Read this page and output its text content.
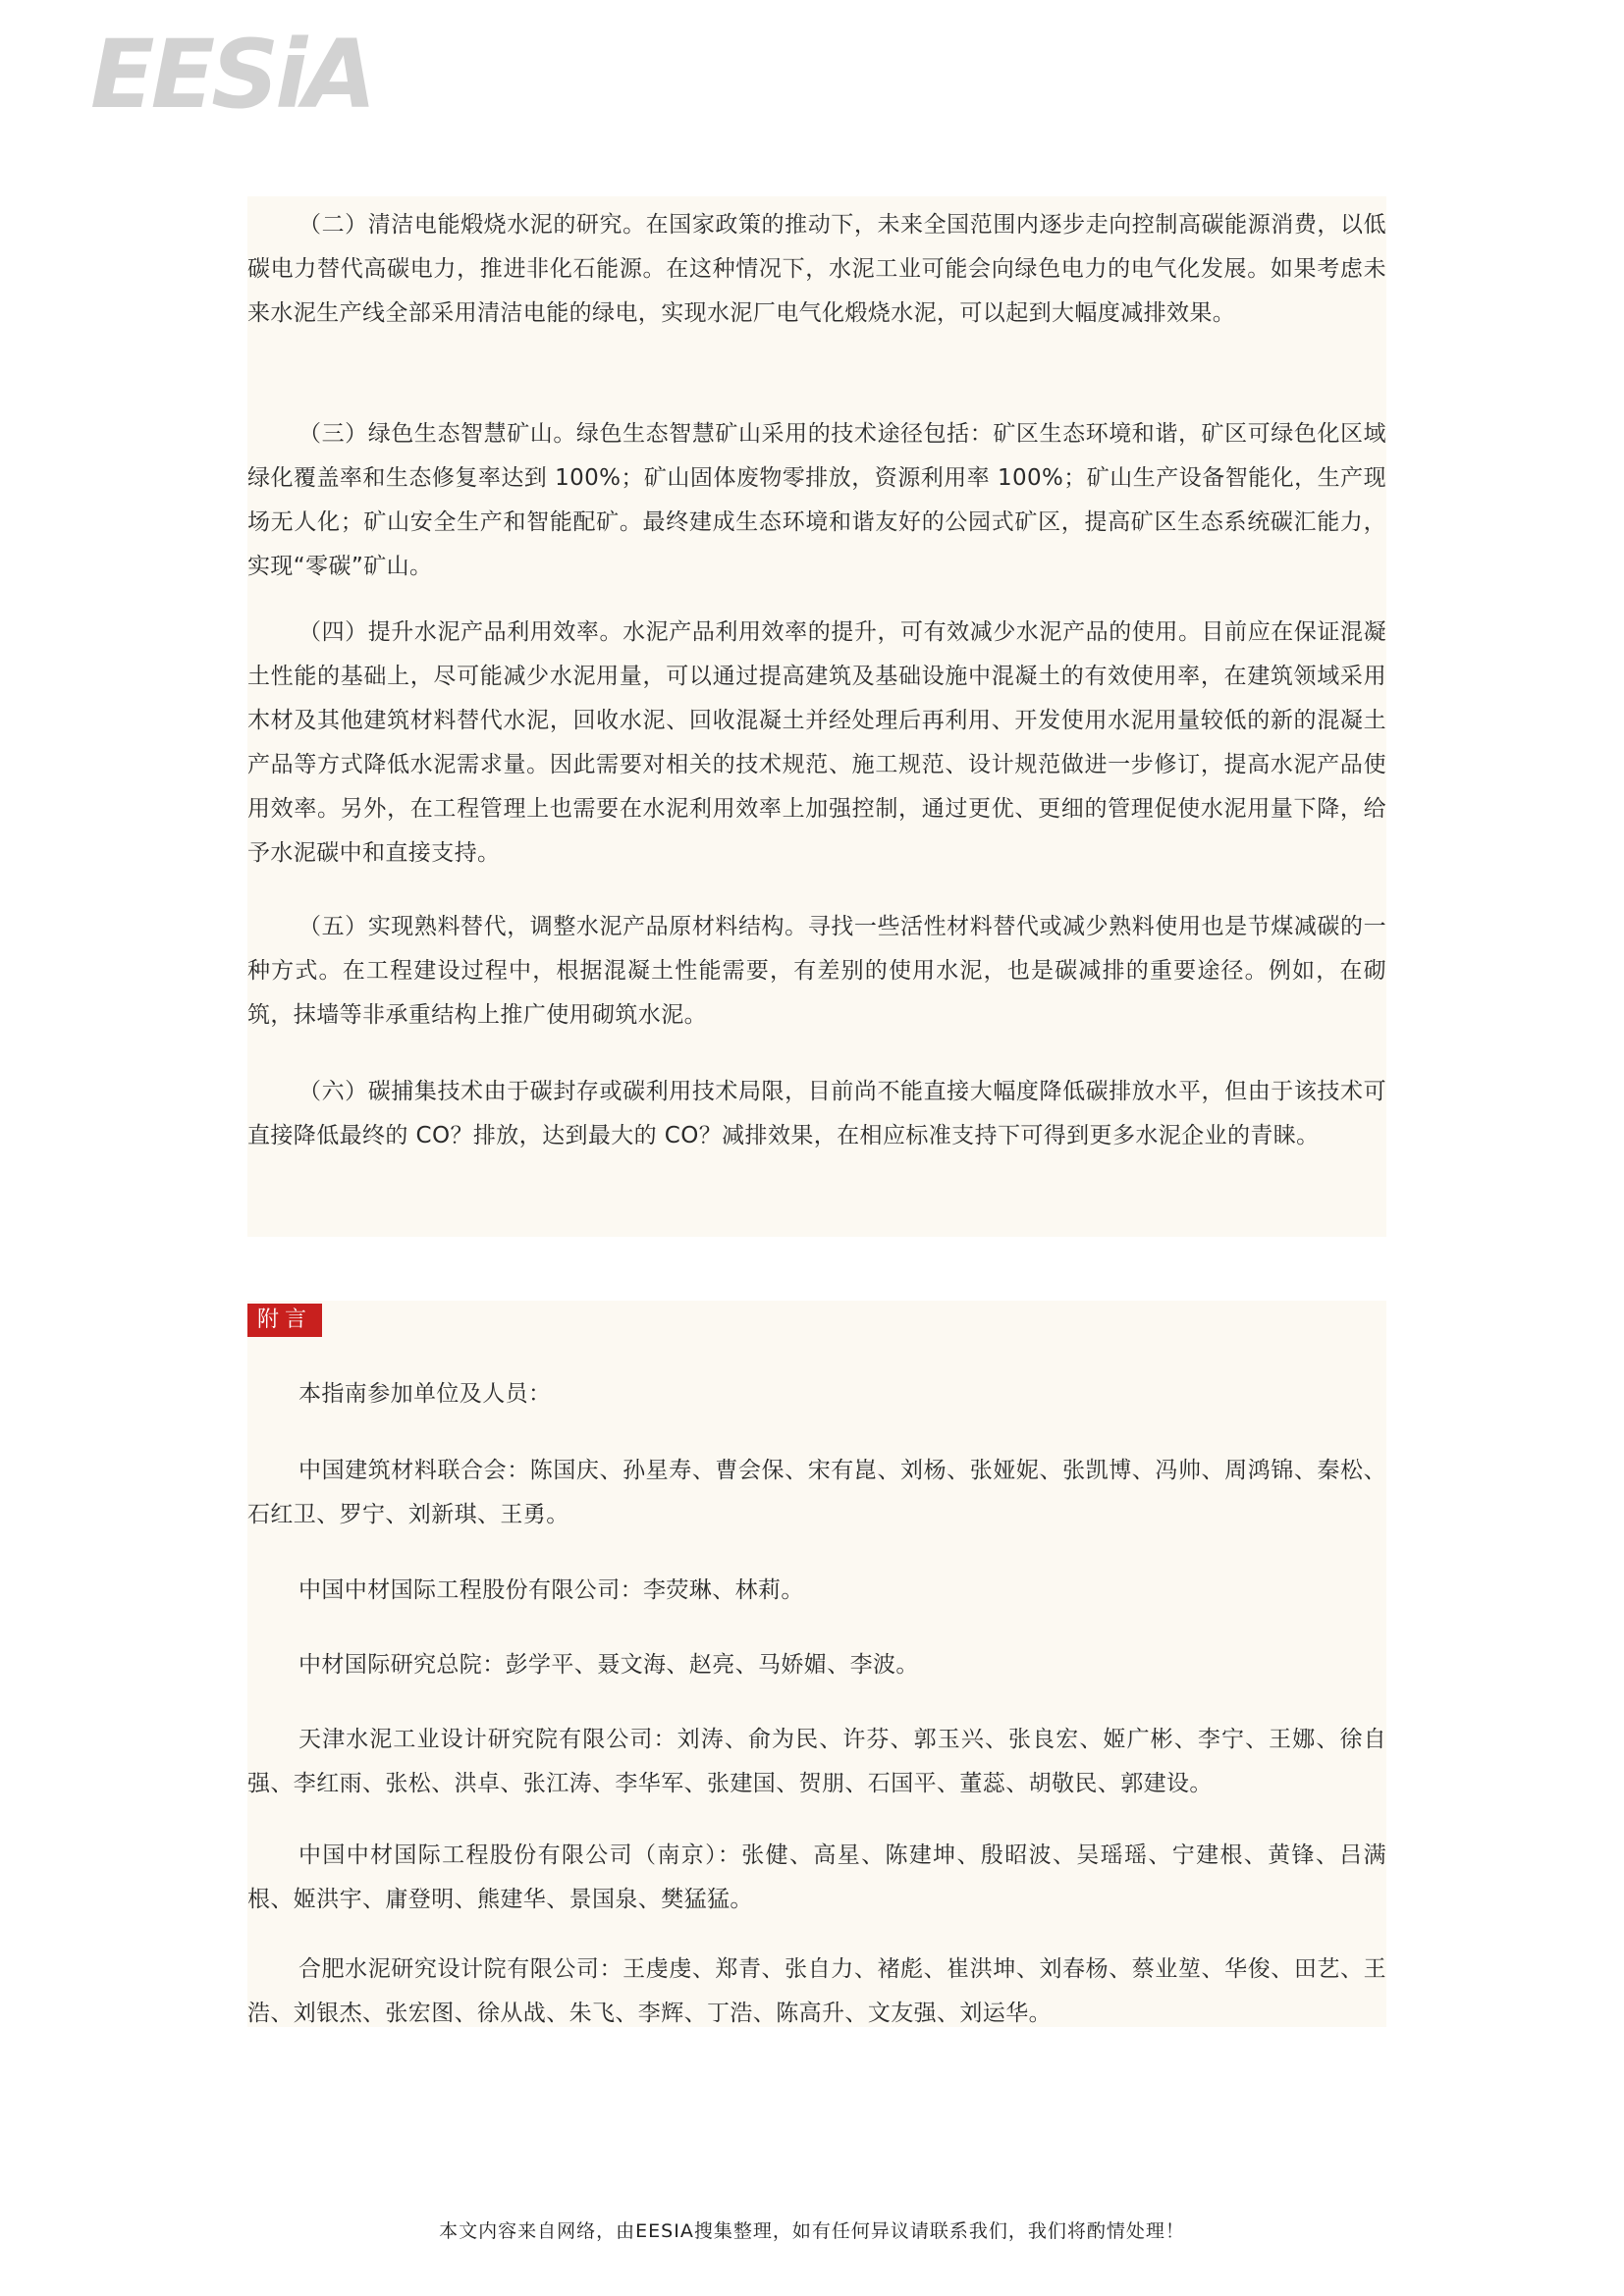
EESiA

（二）清洁电能煅烧水泥的研究。在国家政策的推动下，未来全国范围内逐步走向控制高碳能源消费，以低碳电力替代高碳电力，推进非化石能源。在这种情况下，水泥工业可能会向绿色电力的电气化发展。如果考虑未来水泥生产线全部采用清洁电能的绿电，实现水泥厂电气化煅烧水泥，可以起到大幅度减排效果。

（三）绿色生态智慧矿山。绿色生态智慧矿山采用的技术途径包括：矿区生态环境和谐，矿区可绿色化区域绿化覆盖率和生态修复率达到 100%；矿山固体废物零排放，资源利用率 100%；矿山生产设备智能化，生产现场无人化；矿山安全生产和智能配矿。最终建成生态环境和谐友好的公园式矿区，提高矿区生态系统碳汇能力，实现“零碳”矿山。

（四）提升水泥产品利用效率。水泥产品利用效率的提升，可有效减少水泥产品的使用。目前应在保证混凝土性能的基础上，尽可能减少水泥用量，可以通过提高建筑及基础设施中混凝土的有效使用率，在建筑领域采用木材及其他建筑材料替代水泥，回收水泥、回收混凝土并经处理后再利用、开发使用水泥用量较低的新的混凝土产品等方式降低水泥需求量。因此需要对相关的技术规范、施工规范、设计规范做进一步修订，提高水泥产品使用效率。另外，在工程管理上也需要在水泥利用效率上加强控制，通过更优、更细的管理促使水泥用量下降，给予水泥碳中和直接支持。

（五）实现熟料替代，调整水泥产品原材料结构。寻找一些活性材料替代或减少熟料使用也是节煤减碳的一种方式。在工程建设过程中，根据混凝土性能需要，有差别的使用水泥，也是碳减排的重要途径。例如，在砌筑，抹墙等非承重结构上推广使用砌筑水泥。

（六）碳捕集技术由于碳封存或碳利用技术局限，目前尚不能直接大幅度降低碳排放水平，但由于该技术可直接降低最终的 CO？排放，达到最大的 CO？减排效果，在相应标准支持下可得到更多水泥企业的青睐。

附言

本指南参加单位及人员：

中国建筑材料联合会：陈国庆、孙星寿、曹会保、宋有崑、刘杨、张娅妮、张凯博、冯帅、周鸿锦、秦松、石红卫、罗宁、刘新琪、王勇。

中国中材国际工程股份有限公司：李荧琳、林莉。

中材国际研究总院：彭学平、聂文海、赵亮、马娇媚、李波。

天津水泥工业设计研究院有限公司：刘涛、俞为民、许芬、郭玉兴、张良宏、姬广彬、李宁、王娜、徐自强、李红雨、张松、洪卓、张江涛、李华军、张建国、贺朋、石国平、董蕊、胡敬民、郭建设。

中国中材国际工程股份有限公司（南京）：张健、高星、陈建坤、殷昭波、吴瑶瑶、宁建根、黄锋、吕满根、姬洪宇、庸登明、熊建华、景国泉、樊猛猛。

合肥水泥研究设计院有限公司：王虔虔、郑青、张自力、褚彪、崔洪坤、刘春杨、蔡业堃、华俊、田艺、王浩、刘银杰、张宏图、徐从战、朱飞、李辉、丁浩、陈高升、文友强、刘运华。

本文内容来自网络，由EESIA搜集整理，如有任何异议请联系我们，我们将酌情处理！
